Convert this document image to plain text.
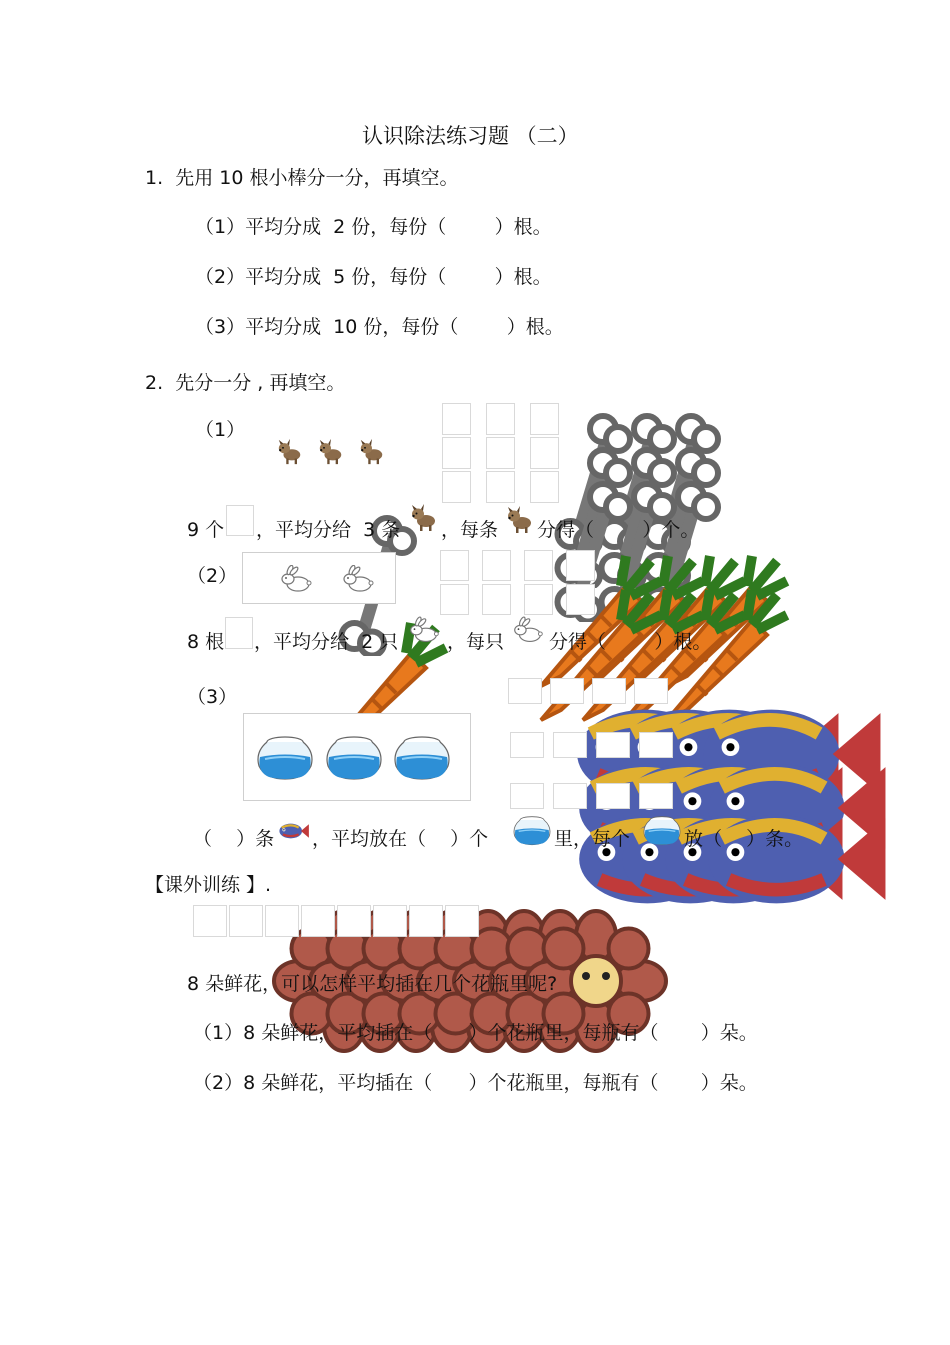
认识除法练习题 （二）
1.  先用 10 根小棒分一分，再填空。
（1）平均分成  2 份，每份（        ）根。
（2）平均分成  5 份，每份（        ）根。
（3）平均分成  10 份，每份（        ）根。
2.  先分一分 , 再填空。
（1）
9 个 ，平均分给  3 条 ，每条 分得（        ）个。
（2）
8 根 ，平均分给  2 只	，每只 分得（        ）根。
（3）
（    ）条 ，平均放在（    ）个	里，每个	放（    ）条。
【课外训练 】.
8 朵鲜花，可以怎样平均插在几个花瓶里呢?
（1）8 朵鲜花，平均插在（      ）个花瓶里，每瓶有（       ）朵。
（2）8 朵鲜花，平均插在（      ）个花瓶里，每瓶有（       ）朵。
